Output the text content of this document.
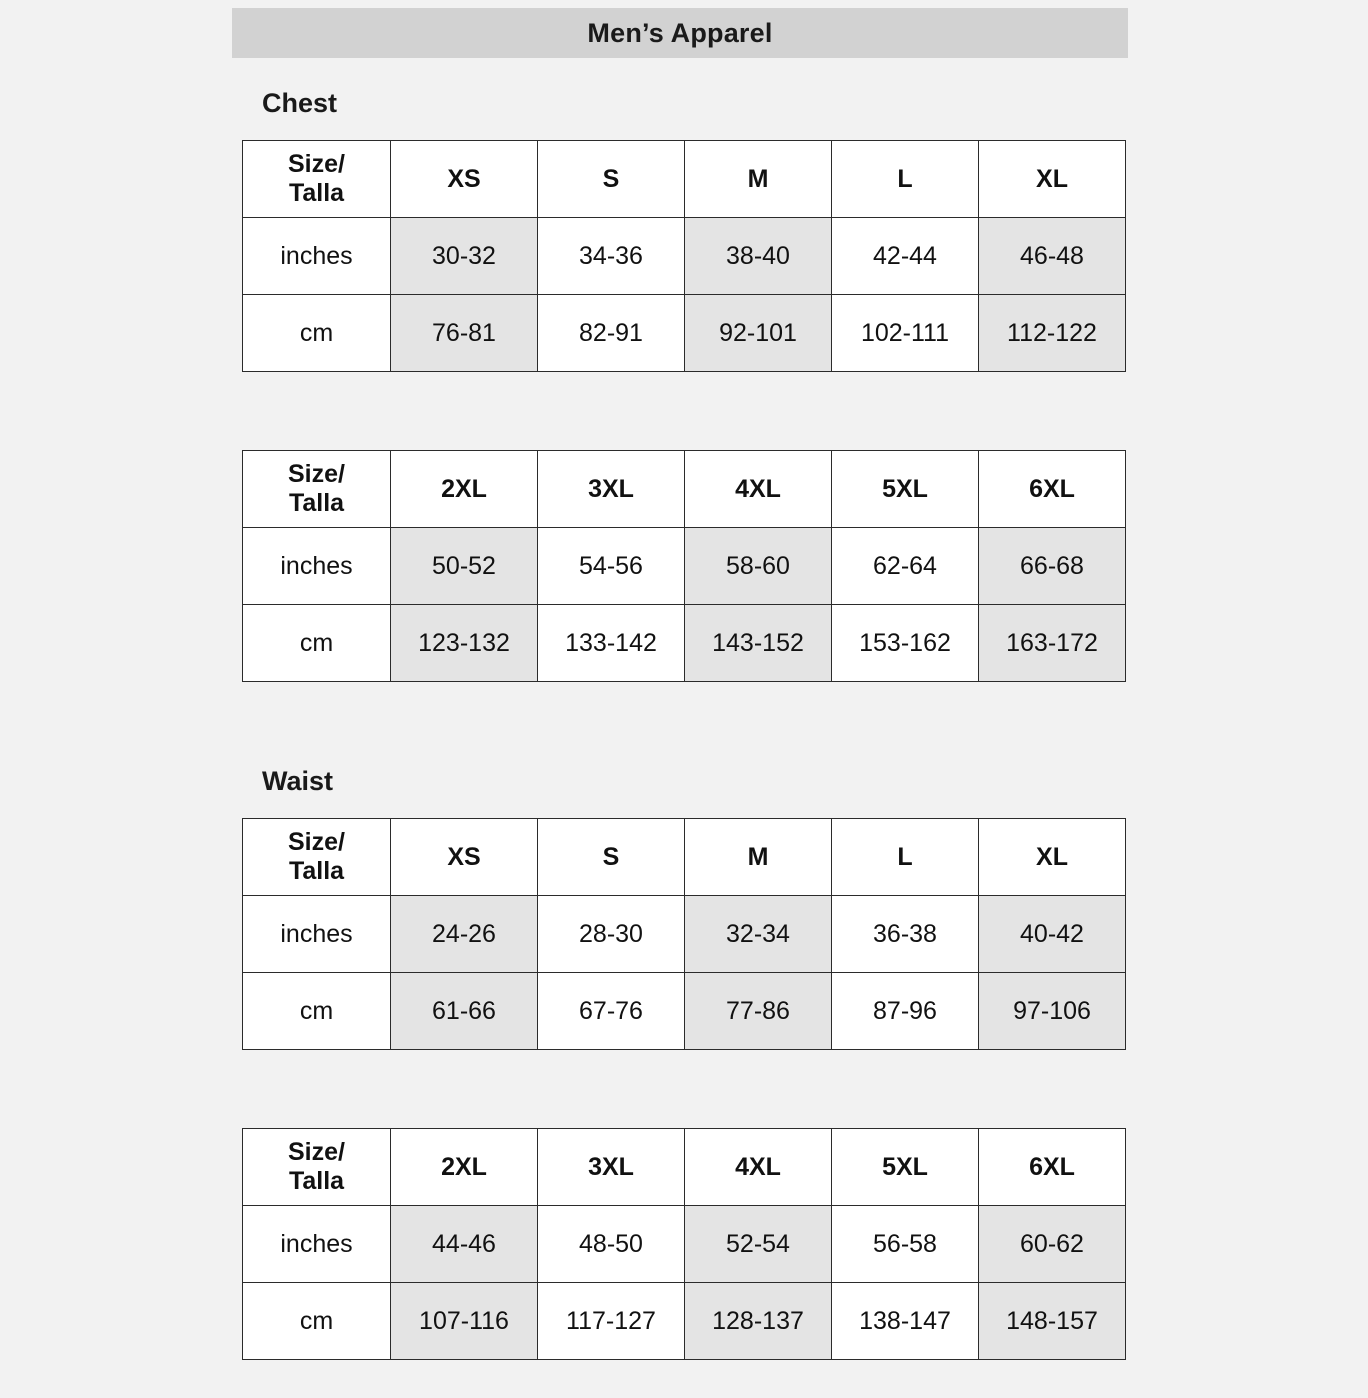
Men’s Apparel
Chest
Waist
Size/
Talla	XS	S	M	L	XL
inches	30-32	34-36	38-40	42-44	46-48
cm	76-81	82-91	92-101	102-111	112-122
Size/
Talla	2XL	3XL	4XL	5XL	6XL
inches	50-52	54-56	58-60	62-64	66-68
cm	123-132	133-142	143-152	153-162	163-172
Size/
Talla	XS	S	M	L	XL
inches	24-26	28-30	32-34	36-38	40-42
cm	61-66	67-76	77-86	87-96	97-106
Size/
Talla	2XL	3XL	4XL	5XL	6XL
inches	44-46	48-50	52-54	56-58	60-62
cm	107-116	117-127	128-137	138-147	148-157
